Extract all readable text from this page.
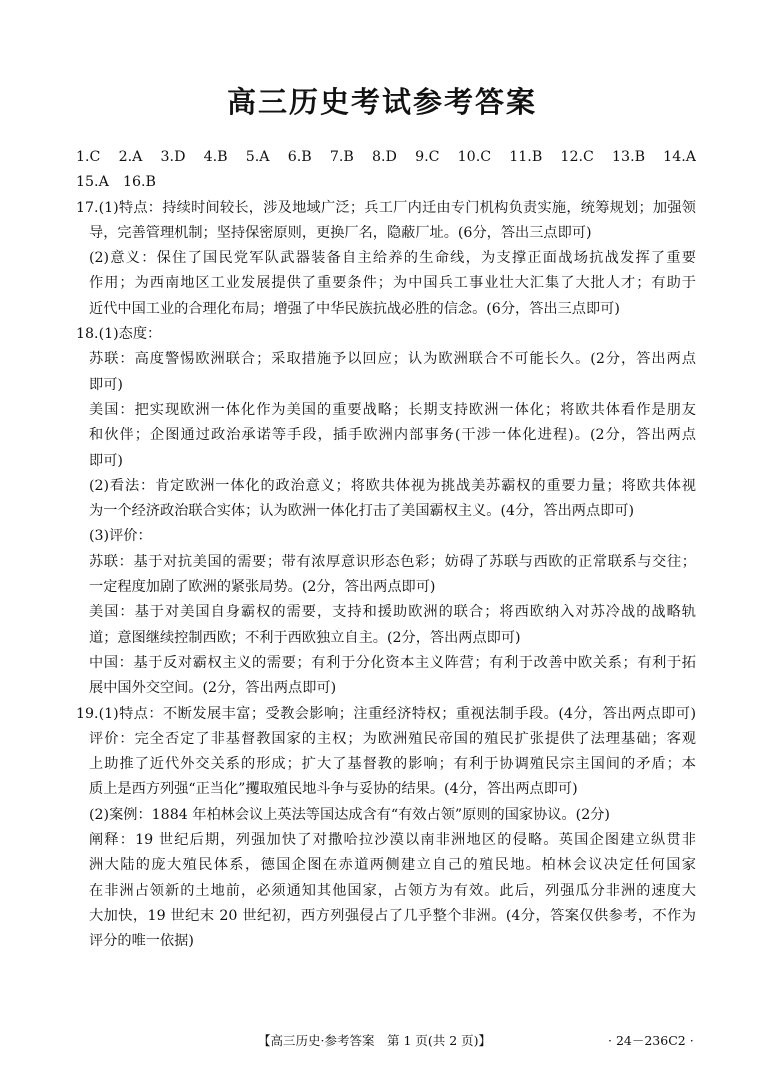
高三历史考试参考答案
1.C　2.A　3.D　4.B　5.A　6.B　7.B　8.D　9.C　10.C　11.B　12.C　13.B　14.A
15.A　16.B
17.(1)特点：持续时间较长，涉及地域广泛；兵工厂内迁由专门机构负责实施，统筹规划；加强领
导，完善管理机制；坚持保密原则，更换厂名，隐蔽厂址。(6分，答出三点即可)
(2)意义：保住了国民党军队武器装备自主给养的生命线，为支撑正面战场抗战发挥了重要
作用；为西南地区工业发展提供了重要条件；为中国兵工事业壮大汇集了大批人才；有助于
近代中国工业的合理化布局；增强了中华民族抗战必胜的信念。(6分，答出三点即可)
18.(1)态度：
苏联：高度警惕欧洲联合；采取措施予以回应；认为欧洲联合不可能长久。(2分，答出两点
即可)
美国：把实现欧洲一体化作为美国的重要战略；长期支持欧洲一体化；将欧共体看作是朋友
和伙伴；企图通过政治承诺等手段，插手欧洲内部事务(干涉一体化进程)。(2分，答出两点
即可)
(2)看法：肯定欧洲一体化的政治意义；将欧共体视为挑战美苏霸权的重要力量；将欧共体视
为一个经济政治联合实体；认为欧洲一体化打击了美国霸权主义。(4分，答出两点即可)
(3)评价：
苏联：基于对抗美国的需要；带有浓厚意识形态色彩；妨碍了苏联与西欧的正常联系与交往；
一定程度加剧了欧洲的紧张局势。(2分，答出两点即可)
美国：基于对美国自身霸权的需要，支持和援助欧洲的联合；将西欧纳入对苏冷战的战略轨
道；意图继续控制西欧；不利于西欧独立自主。(2分，答出两点即可)
中国：基于反对霸权主义的需要；有利于分化资本主义阵营；有利于改善中欧关系；有利于拓
展中国外交空间。(2分，答出两点即可)
19.(1)特点：不断发展丰富；受教会影响；注重经济特权；重视法制手段。(4分，答出两点即可)
评价：完全否定了非基督教国家的主权；为欧洲殖民帝国的殖民扩张提供了法理基础；客观
上助推了近代外交关系的形成；扩大了基督教的影响；有利于协调殖民宗主国间的矛盾；本
质上是西方列强“正当化”攫取殖民地斗争与妥协的结果。(4分，答出两点即可)
(2)案例：1884 年柏林会议上英法等国达成含有“有效占领”原则的国家协议。(2分)
阐释：19 世纪后期，列强加快了对撒哈拉沙漠以南非洲地区的侵略。英国企图建立纵贯非
洲大陆的庞大殖民体系，德国企图在赤道两侧建立自己的殖民地。柏林会议决定任何国家
在非洲占领新的土地前，必须通知其他国家，占领方为有效。此后，列强瓜分非洲的速度大
大加快，19 世纪末 20 世纪初，西方列强侵占了几乎整个非洲。(4分，答案仅供参考，不作为
评分的唯一依据)
【高三历史·参考答案　第 1 页(共 2 页)】	· 24－236C2 ·
